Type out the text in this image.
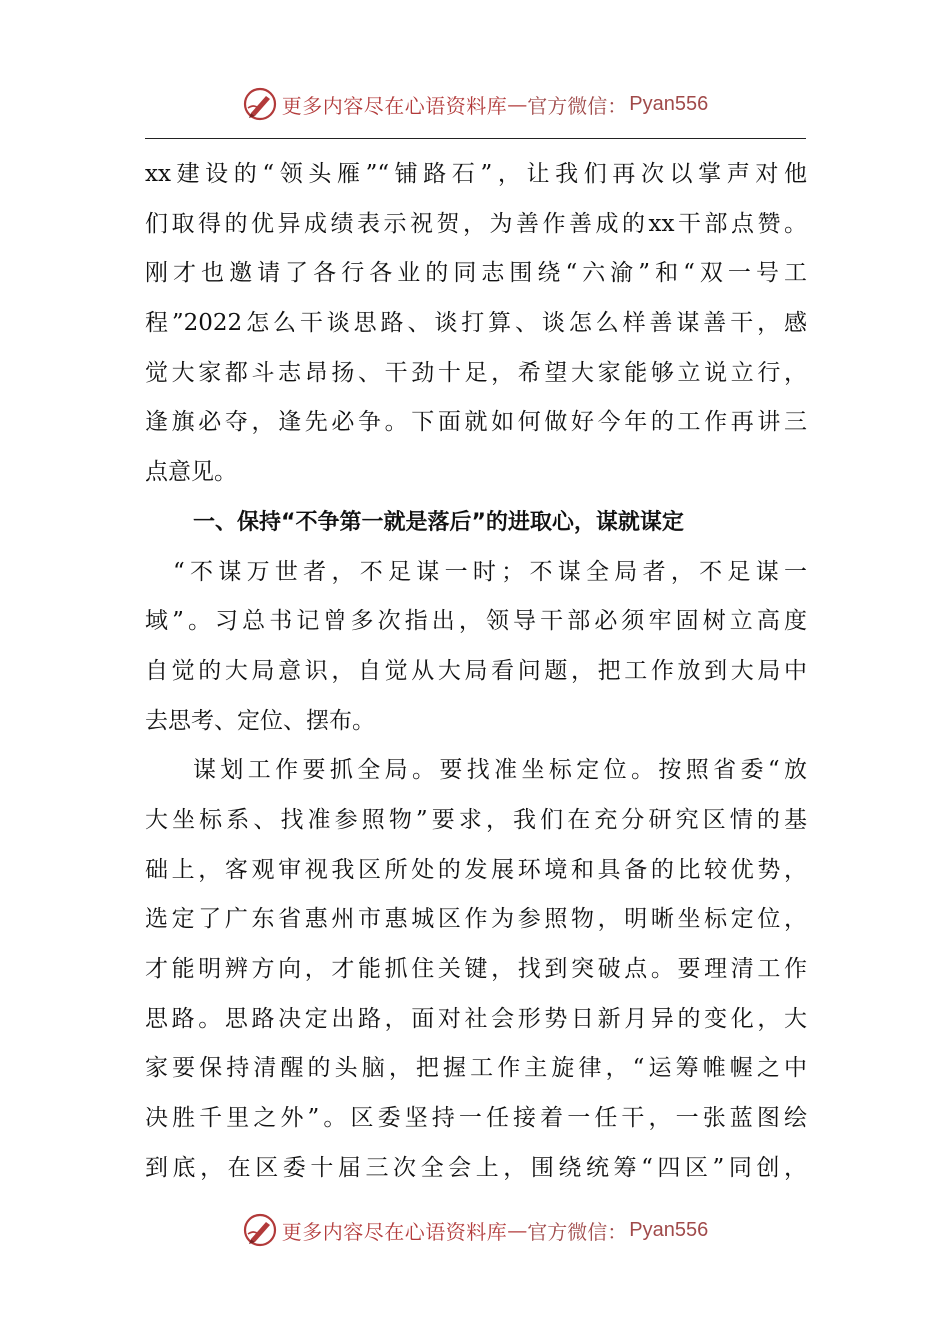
更多内容尽在心语资料库 — 官方微信： Pyan556
xx建设的“领头雁”“铺路石”，让我们再次以掌声对他
们取得的优异成绩表示祝贺，为善作善成的xx干部点赞。
刚才也邀请了各行各业的同志围绕“六渝”和“双一号工
程”2022怎么干谈思路、谈打算、谈怎么样善谋善干，感
觉大家都斗志昂扬、干劲十足，希望大家能够立说立行，
逢旗必夺，逢先必争。下面就如何做好今年的工作再讲三
点意见。
一、保持“不争第一就是落后”的进取心，谋就谋定
“不谋万世者，不足谋一时；不谋全局者，不足谋一
域”。习总书记曾多次指出，领导干部必须牢固树立高度
自觉的大局意识，自觉从大局看问题，把工作放到大局中
去思考、定位、摆布。
谋划工作要抓全局。要找准坐标定位。按照省委“放
大坐标系、找准参照物”要求，我们在充分研究区情的基
础上，客观审视我区所处的发展环境和具备的比较优势，
选定了广东省惠州市惠城区作为参照物，明晰坐标定位，
才能明辨方向，才能抓住关键，找到突破点。要理清工作
思路。思路决定出路，面对社会形势日新月异的变化，大
家要保持清醒的头脑，把握工作主旋律，“运筹帷幄之中
决胜千里之外”。区委坚持一任接着一任干，一张蓝图绘
到底，在区委十届三次全会上，围绕统筹“四区”同创，
更多内容尽在心语资料库 — 官方微信： Pyan556
